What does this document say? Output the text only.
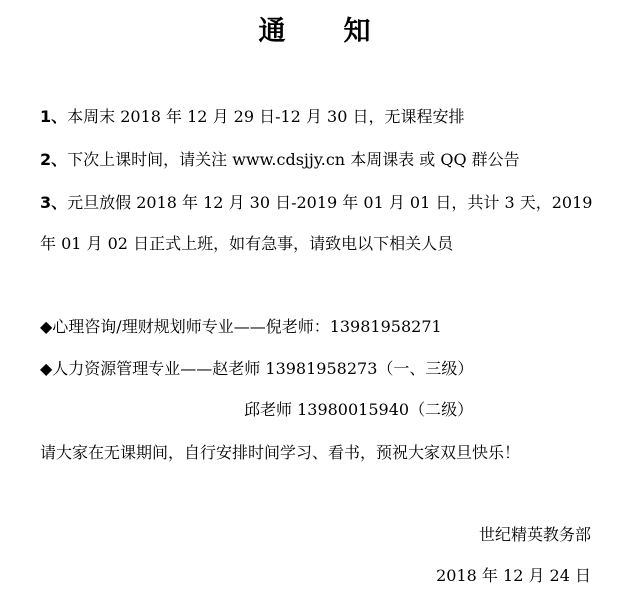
通 知
1、本周末 2018 年 12 月 29 日-12 月 30 日，无课程安排
2、下次上课时间，请关注 www.cdsjjy.cn 本周课表 或 QQ 群公告
3、元旦放假 2018 年 12 月 30 日-2019 年 01 月 01 日，共计 3 天，2019
年 01 月 02 日正式上班，如有急事，请致电以下相关人员
◆心理咨询/理财规划师专业——倪老师：13981958271
◆人力资源管理专业——赵老师 13981958273（一、三级）
邱老师 13980015940（二级）
请大家在无课期间，自行安排时间学习、看书，预祝大家双旦快乐！
世纪精英教务部
2018 年 12 月 24 日
